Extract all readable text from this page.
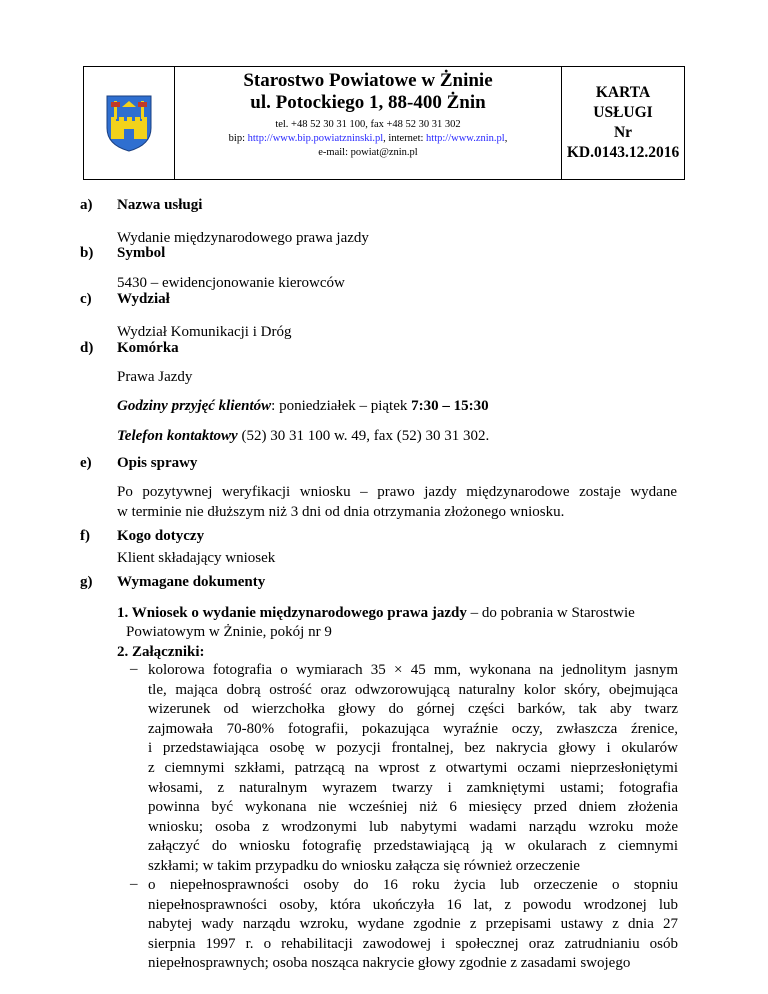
Starostwo Powiatowe w Żninie
ul. Potockiego 1, 88-400 Żnin
tel. +48 52 30 31 100, fax +48 52 30 31 302
bip: http://www.bip.powiatzninski.pl, internet: http://www.znin.pl,
e-mail: powiat@znin.pl
KARTA
USŁUGI
Nr
KD.0143.12.2016
a) Nazwa usługi
Wydanie międzynarodowego prawa jazdy
b) Symbol
5430 – ewidencjonowanie kierowców
c) Wydział
Wydział Komunikacji i Dróg
d) Komórka
Prawa Jazdy
Godziny przyjęć klientów: poniedziałek – piątek 7:30 – 15:30
Telefon kontaktowy (52) 30 31 100 w. 49, fax (52) 30 31 302.
e) Opis sprawy
Po pozytywnej weryfikacji wniosku – prawo jazdy międzynarodowe zostaje wydane
w terminie nie dłuższym niż 3 dni od dnia otrzymania złożonego wniosku.
f) Kogo dotyczy
Klient składający wniosek
g) Wymagane dokumenty
1. Wniosek o wydanie międzynarodowego prawa jazdy – do pobrania w Starostwie
Powiatowym w Żninie, pokój nr 9
2. Załączniki:
– kolorowa fotografia o wymiarach 35 × 45 mm, wykonana na jednolitym jasnym
tle, mająca dobrą ostrość oraz odwzorowującą naturalny kolor skóry, obejmująca
wizerunek od wierzchołka głowy do górnej części barków, tak aby twarz
zajmowała 70-80% fotografii, pokazująca wyraźnie oczy, zwłaszcza źrenice,
i przedstawiająca osobę w pozycji frontalnej, bez nakrycia głowy i okularów
z ciemnymi szkłami, patrzącą na wprost z otwartymi oczami nieprzesłoniętymi
włosami, z naturalnym wyrazem twarzy i zamkniętymi ustami; fotografia
powinna być wykonana nie wcześniej niż 6 miesięcy przed dniem złożenia
wniosku; osoba z wrodzonymi lub nabytymi wadami narządu wzroku może
załączyć do wniosku fotografię przedstawiającą ją w okularach z ciemnymi
szkłami; w takim przypadku do wniosku załącza się również orzeczenie
– o niepełnosprawności osoby do 16 roku życia lub orzeczenie o stopniu
niepełnosprawności osoby, która ukończyła 16 lat, z powodu wrodzonej lub
nabytej wady narządu wzroku, wydane zgodnie z przepisami ustawy z dnia 27
sierpnia 1997 r. o rehabilitacji zawodowej i społecznej oraz zatrudnianiu osób
niepełnosprawnych; osoba nosząca nakrycie głowy zgodnie z zasadami swojego
